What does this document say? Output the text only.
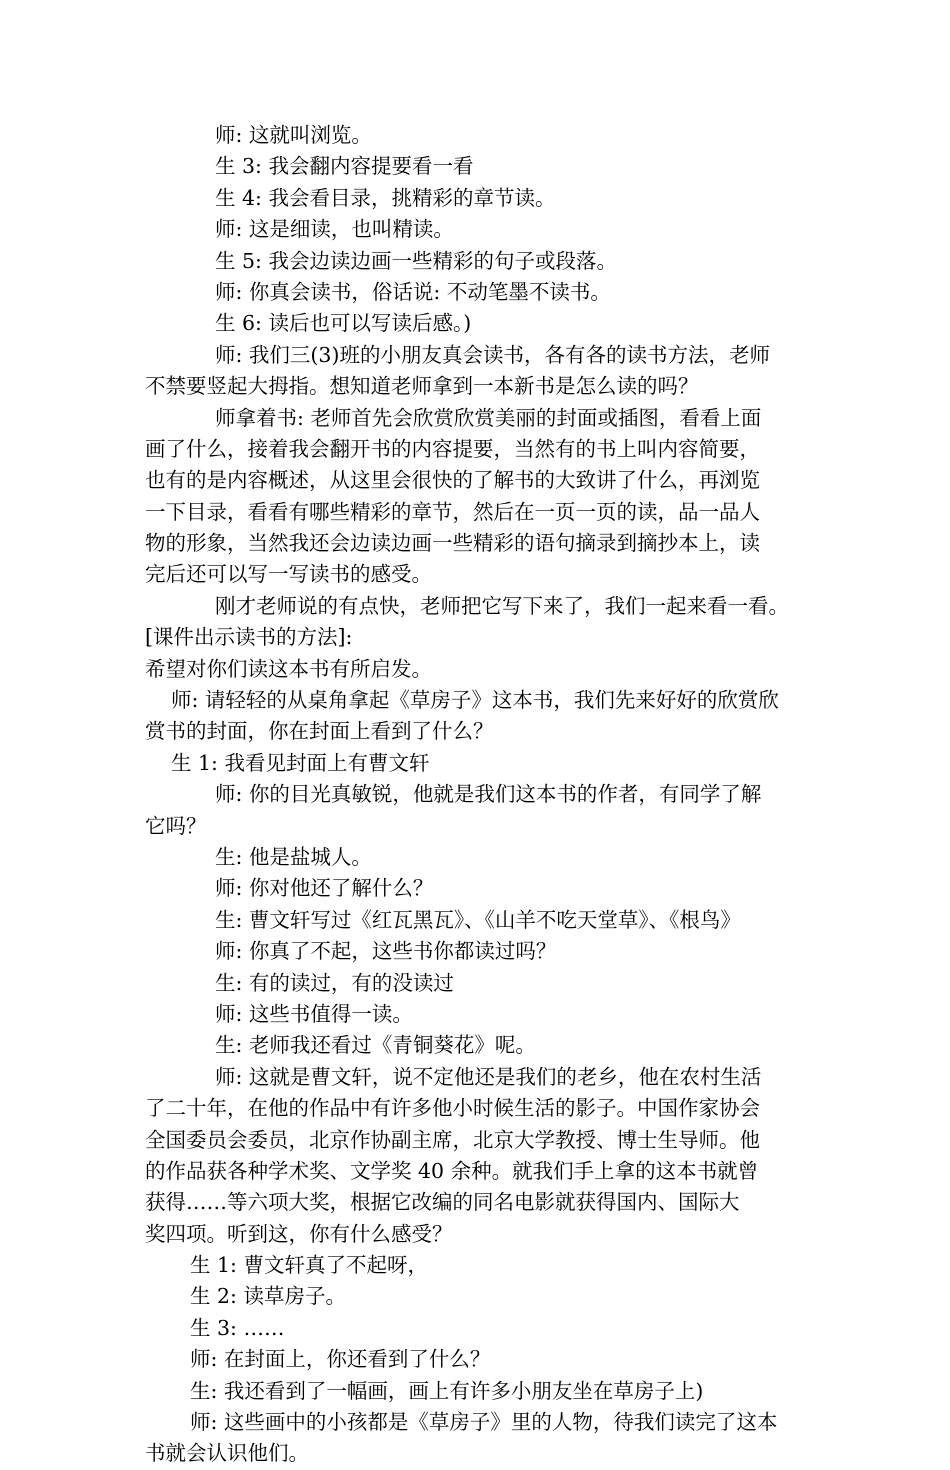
师: 这就叫浏览。
生 3: 我会翻内容提要看一看
生 4: 我会看目录，挑精彩的章节读。
师: 这是细读，也叫精读。
生 5: 我会边读边画一些精彩的句子或段落。
师: 你真会读书，俗话说: 不动笔墨不读书。
生 6: 读后也可以写读后感。)
师: 我们三(3)班的小朋友真会读书，各有各的读书方法，老师
不禁要竖起大拇指。想知道老师拿到一本新书是怎么读的吗？
师拿着书: 老师首先会欣赏欣赏美丽的封面或插图，看看上面
画了什么，接着我会翻开书的内容提要，当然有的书上叫内容简要，
也有的是内容概述，从这里会很快的了解书的大致讲了什么，再浏览
一下目录，看看有哪些精彩的章节，然后在一页一页的读，品一品人
物的形象，当然我还会边读边画一些精彩的语句摘录到摘抄本上，读
完后还可以写一写读书的感受。
刚才老师说的有点快，老师把它写下来了，我们一起来看一看。
[课件出示读书的方法]:
希望对你们读这本书有所启发。
师: 请轻轻的从桌角拿起《草房子》这本书，我们先来好好的欣赏欣
赏书的封面，你在封面上看到了什么？
生 1: 我看见封面上有曹文轩
师: 你的目光真敏锐，他就是我们这本书的作者，有同学了解
它吗？
生: 他是盐城人。
师: 你对他还了解什么？
生: 曹文轩写过《红瓦黑瓦》、《山羊不吃天堂草》、《根鸟》
师: 你真了不起，这些书你都读过吗？
生: 有的读过，有的没读过
师: 这些书值得一读。
生: 老师我还看过《青铜葵花》呢。
师: 这就是曹文轩，说不定他还是我们的老乡，他在农村生活
了二十年，在他的作品中有许多他小时候生活的影子。中国作家协会
全国委员会委员，北京作协副主席，北京大学教授、博士生导师。他
的作品获各种学术奖、文学奖 40 余种。就我们手上拿的这本书就曾
获得……等六项大奖，根据它改编的同名电影就获得国内、国际大
奖四项。听到这，你有什么感受？
生 1: 曹文轩真了不起呀，
生 2: 读草房子。
生 3: ……
师: 在封面上，你还看到了什么？
生: 我还看到了一幅画，画上有许多小朋友坐在草房子上)
师: 这些画中的小孩都是《草房子》里的人物，待我们读完了这本
书就会认识他们。
